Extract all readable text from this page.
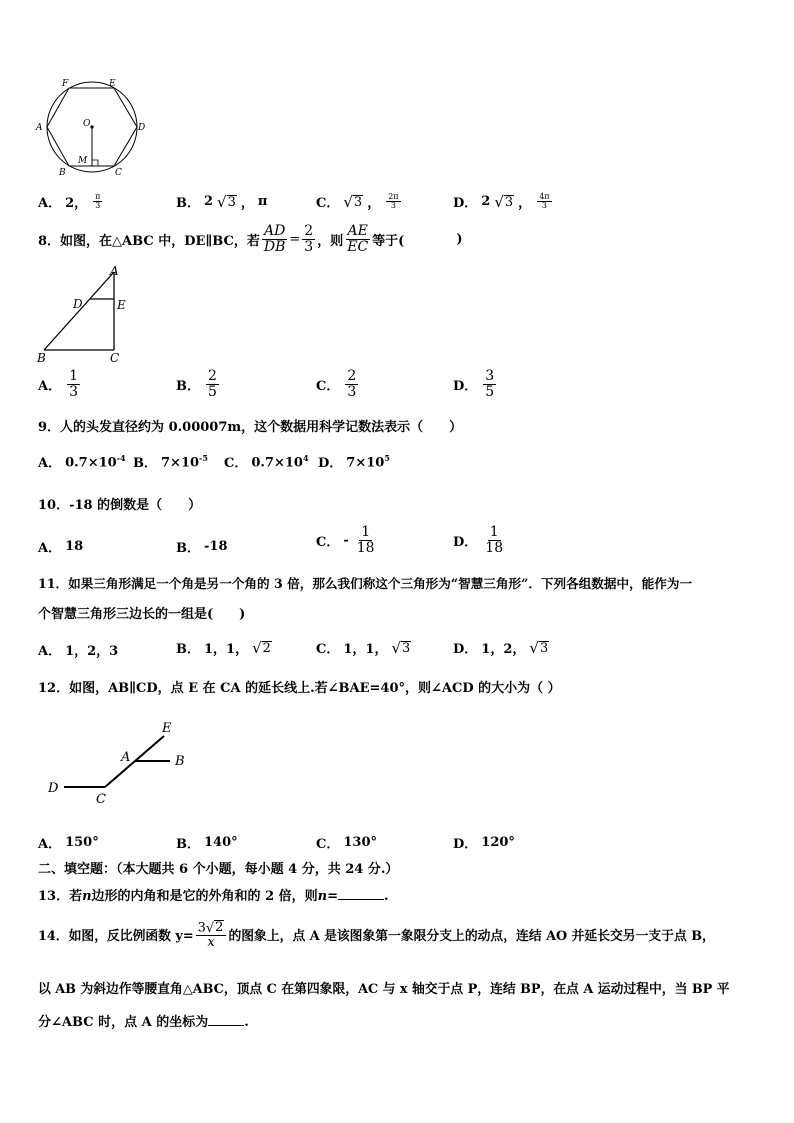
F	E
A	D
O
M
B	C
A． 2， $\frac{\pi}{3}$	B． 2 √ 3 ， π	C． √ 3 ， $\frac{2\pi}{3}$	D． 2 √ 3 ， $\frac{4\pi}{3}$
8．如图，在△ABC 中，DE∥BC，若 $\frac{AD}{DB} = \frac{2}{3}$ ，则 $\frac{AE}{EC}$ 等于(	)
A
D	E
B	C
A． $\frac{1}{3}$	B． $\frac{2}{5}$	C． $\frac{2}{3}$	D． $\frac{3}{5}$
9．人的头发直径约为 0.00007m，这个数据用科学记数法表示（　　）
A． $0.7\times 10^{-4}$ B． $7\times 10^{-5}$ C． $0.7\times 10^4$ D． $7\times 10^5$
10．-18 的倒数是（　　）
A． 18	B． -18	C． - $\frac{1}{18}$	D． $\frac{1}{18}$
11．如果三角形满足一个角是另一个角的 3 倍，那么我们称这个三角形为“智慧三角形”．下列各组数据中，能作为一
个智慧三角形三边长的一组是(　　)
A． 1，2，3	B． 1，1， √ 2	C． 1，1， √ 3	D． 1，2， √ 3
12．如图，AB∥CD，点 E 在 CA 的延长线上.若∠BAE=40°，则∠ACD 的大小为（ ）
E
A	B
D
C
A． 150°	B． 140°	C． 130°	D． 120°
二、填空题：（本大题共 6 个小题，每小题 4 分，共 24 分.）
13．若n边形的内角和是它的外角和的 2 倍，则n=	.
14．如图，反比例函数 $y= \frac{3 √ 2}{x}$ 的图象上，点 A 是该图象第一象限分支上的动点，连结 AO 并延长交另一支于点 B，
以 AB 为斜边作等腰直角△ABC，顶点 C 在第四象限，AC 与 x 轴交于点 P，连结 BP，在点 A 运动过程中，当 BP 平
分∠ABC 时，点 A 的坐标为	.
